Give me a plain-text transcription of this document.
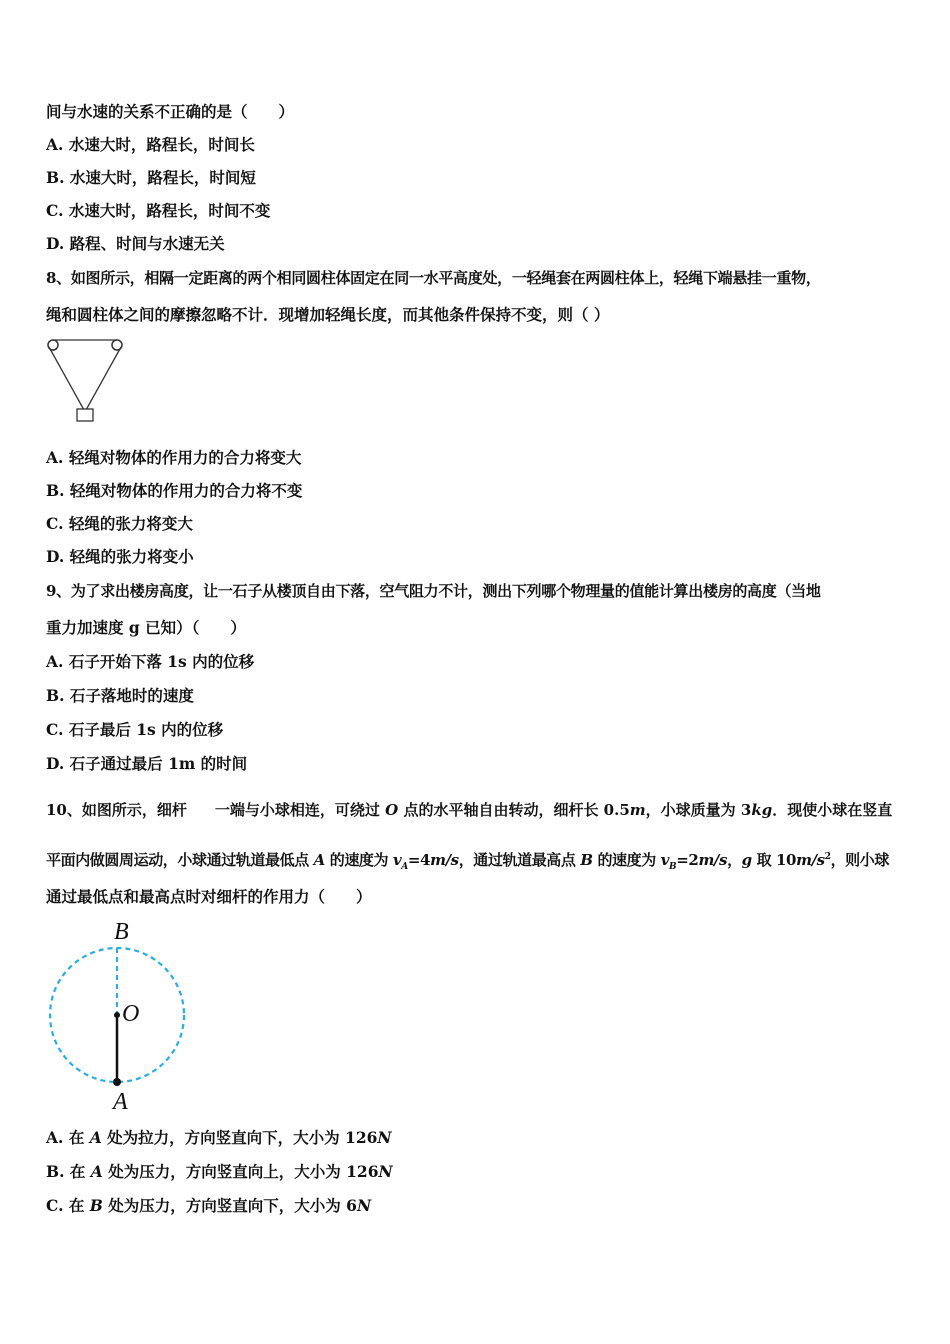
间与水速的关系不正确的是（　　）
A. 水速大时，路程长，时间长
B. 水速大时，路程长，时间短
C. 水速大时，路程长，时间不变
D. 路程、时间与水速无关
8、如图所示，相隔一定距离的两个相同圆柱体固定在同一水平高度处，一轻绳套在两圆柱体上，轻绳下端悬挂一重物，
绳和圆柱体之间的摩擦忽略不计．现增加轻绳长度，而其他条件保持不变，则（ ）
A. 轻绳对物体的作用力的合力将变大
B. 轻绳对物体的作用力的合力将不变
C. 轻绳的张力将变大
D. 轻绳的张力将变小
9、为了求出楼房高度，让一石子从楼顶自由下落，空气阻力不计，测出下列哪个物理量的值能计算出楼房的高度（当地
重力加速度 g 已知）（　　）
A. 石子开始下落 1s 内的位移
B. 石子落地时的速度
C. 石子最后 1s 内的位移
D. 石子通过最后 1m 的时间
10、如图所示，细杆 一端与小球相连，可绕过 O 点的水平轴自由转动，细杆长 0.5m，小球质量为 3kg．现使小球在竖直
平面内做圆周运动，小球通过轨道最低点 A 的速度为 $v_A=4m/s$，通过轨道最高点 B 的速度为 $v_B=2m/s$，g 取 $10m/s^2$，则小球
通过最低点和最高点时对细杆的作用力（　　）
B
O
A
A. 在 A 处为拉力，方向竖直向下，大小为 126N
B. 在 A 处为压力，方向竖直向上，大小为 126N
C. 在 B 处为压力，方向竖直向下，大小为 6N
